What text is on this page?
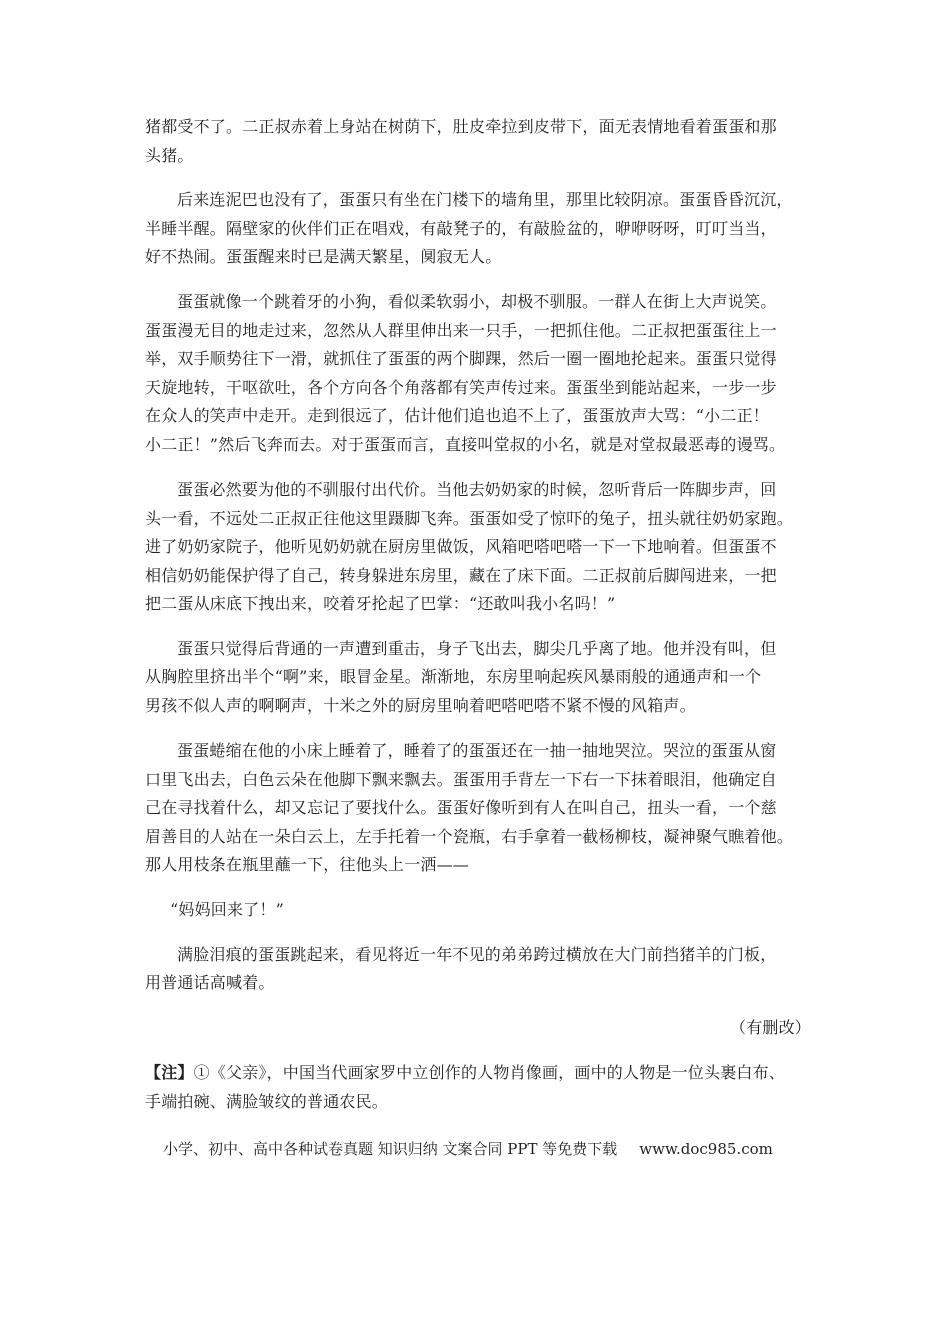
猪都受不了。二正叔赤着上身站在树荫下，肚皮牵拉到皮带下，面无表情地看着蛋蛋和那
头猪。
后来连泥巴也没有了，蛋蛋只有坐在门楼下的墙角里，那里比较阴凉。蛋蛋昏昏沉沉，
半睡半醒。隔壁家的伙伴们正在唱戏，有敲凳子的，有敲脸盆的，咿咿呀呀，叮叮当当，
好不热闹。蛋蛋醒来时已是满天繁星，阒寂无人。
蛋蛋就像一个跳着牙的小狗，看似柔软弱小，却极不驯服。一群人在街上大声说笑。
蛋蛋漫无目的地走过来，忽然从人群里伸出来一只手，一把抓住他。二正叔把蛋蛋往上一
举，双手顺势往下一滑，就抓住了蛋蛋的两个脚踝，然后一圈一圈地抡起来。蛋蛋只觉得
天旋地转，干呕欲吐，各个方向各个角落都有笑声传过来。蛋蛋坐到能站起来，一步一步
在众人的笑声中走开。走到很远了，估计他们追也追不上了，蛋蛋放声大骂：“小二正！
小二正！”然后飞奔而去。对于蛋蛋而言，直接叫堂叔的小名，就是对堂叔最恶毒的谩骂。
蛋蛋必然要为他的不驯服付出代价。当他去奶奶家的时候，忽听背后一阵脚步声，回
头一看，不远处二正叔正往他这里蹑脚飞奔。蛋蛋如受了惊吓的兔子，扭头就往奶奶家跑。
进了奶奶家院子，他听见奶奶就在厨房里做饭，风箱吧嗒吧嗒一下一下地响着。但蛋蛋不
相信奶奶能保护得了自己，转身躲进东房里，藏在了床下面。二正叔前后脚闯进来，一把
把二蛋从床底下拽出来，咬着牙抡起了巴掌：“还敢叫我小名吗！”
蛋蛋只觉得后背通的一声遭到重击，身子飞出去，脚尖几乎离了地。他并没有叫，但
从胸腔里挤出半个“啊”来，眼冒金星。渐渐地，东房里响起疾风暴雨般的通通声和一个
男孩不似人声的啊啊声，十米之外的厨房里响着吧嗒吧嗒不紧不慢的风箱声。
蛋蛋蜷缩在他的小床上睡着了，睡着了的蛋蛋还在一抽一抽地哭泣。哭泣的蛋蛋从窗
口里飞出去，白色云朵在他脚下飘来飘去。蛋蛋用手背左一下右一下抹着眼泪，他确定自
己在寻找着什么，却又忘记了要找什么。蛋蛋好像听到有人在叫自己，扭头一看，一个慈
眉善目的人站在一朵白云上，左手托着一个瓷瓶，右手拿着一截杨柳枝，凝神聚气瞧着他。
那人用枝条在瓶里蘸一下，往他头上一洒——
“妈妈回来了！”
满脸泪痕的蛋蛋跳起来，看见将近一年不见的弟弟跨过横放在大门前挡猪羊的门板，
用普通话高喊着。
（有删改）
【注】①《父亲》，中国当代画家罗中立创作的人物肖像画，画中的人物是一位头裹白布、
手端拍碗、满脸皱纹的普通农民。
小学、初中、高中各种试卷真题 知识归纳 文案合同 PPT 等免费下载 www.doc985.com
